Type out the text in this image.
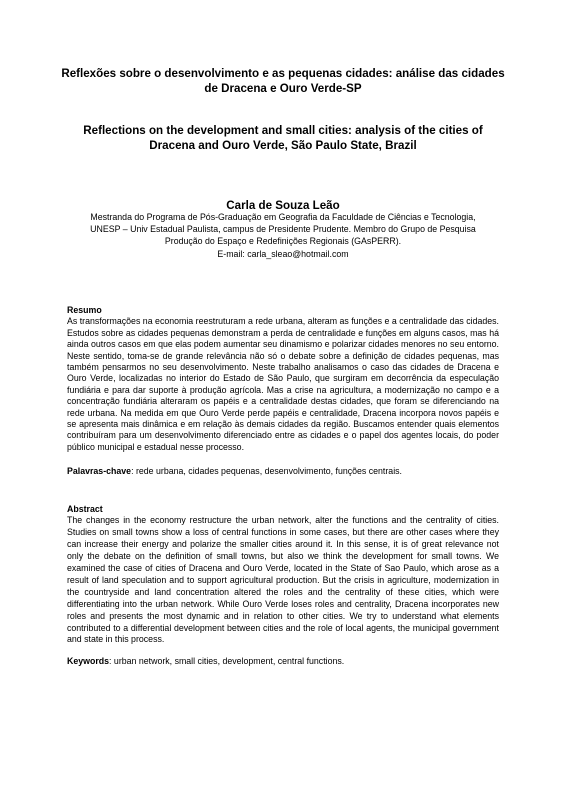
Reflexões sobre o desenvolvimento e as pequenas cidades: análise das cidades de Dracena e Ouro Verde-SP
Reflections on the development and small cities: analysis of the cities of Dracena and Ouro Verde, São Paulo State, Brazil
Carla de Souza Leão
Mestranda do Programa de Pós-Graduação em Geografia da Faculdade de Ciências e Tecnologia,
UNESP – Univ Estadual Paulista, campus de Presidente Prudente. Membro do Grupo de Pesquisa
Produção do Espaço e Redefinições Regionais (GAsPERR).
E-mail: carla_sleao@hotmail.com
Resumo

As transformações na economia reestruturam a rede urbana, alteram as funções e a centralidade das cidades. Estudos sobre as cidades pequenas demonstram a perda de centralidade e funções em alguns casos, mas há ainda outros casos em que elas podem aumentar seu dinamismo e polarizar cidades menores no seu entorno. Neste sentido, toma-se de grande relevância não só o debate sobre a definição de cidades pequenas, mas também pensarmos no seu desenvolvimento. Neste trabalho analisamos o caso das cidades de Dracena e Ouro Verde, localizadas no interior do Estado de São Paulo, que surgiram em decorrência da especulação fundiária e para dar suporte à produção agrícola. Mas a crise na agricultura, a modernização no campo e a concentração fundiária alteraram os papéis e a centralidade destas cidades, que foram se diferenciando na rede urbana. Na medida em que Ouro Verde perde papéis e centralidade, Dracena incorpora novos papéis e se apresenta mais dinâmica e em relação às demais cidades da região. Buscamos entender quais elementos contribuíram para um desenvolvimento diferenciado entre as cidades e o papel dos agentes locais, do poder público municipal e estadual nesse processo.

Palavras-chave: rede urbana, cidades pequenas, desenvolvimento, funções centrais.

Abstract

The changes in the economy restructure the urban network, alter the functions and the centrality of cities. Studies on small towns show a loss of central functions in some cases, but there are other cases where they can increase their energy and polarize the smaller cities around it. In this sense, it is of great relevance not only the debate on the definition of small towns, but also we think the development for small towns. We examined the case of cities of Dracena and Ouro Verde, located in the State of Sao Paulo, which arose as a result of land speculation and to support agricultural production. But the crisis in agriculture, modernization in the countryside and land concentration altered the roles and the centrality of these cities, which were differentiating into the urban network. While Ouro Verde loses roles and centrality, Dracena incorporates new roles and presents the most dynamic and in relation to other cities. We try to understand what elements contributed to a differential development between cities and the role of local agents, the municipal government and state in this process.

Keywords: urban network, small cities, development, central functions.
